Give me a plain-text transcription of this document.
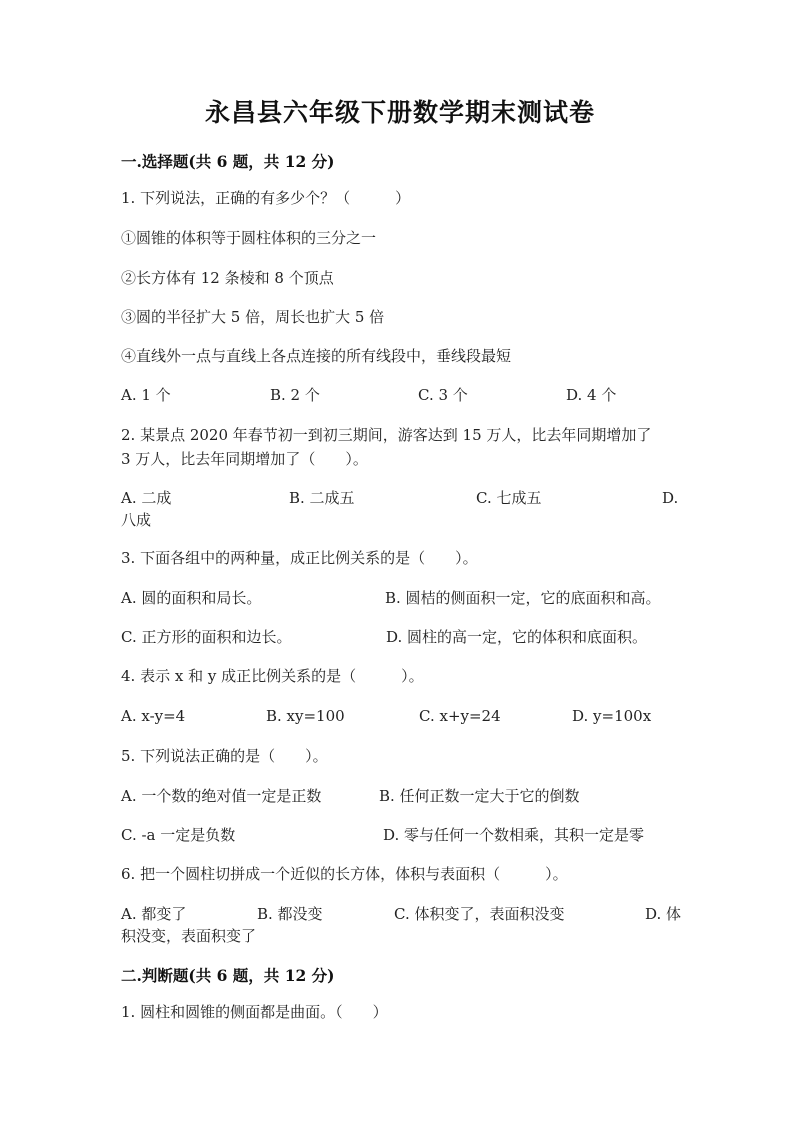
永昌县六年级下册数学期末测试卷
一.选择题(共 6 题，共 12 分)
1. 下列说法，正确的有多少个？（　　　）
①圆锥的体积等于圆柱体积的三分之一
②长方体有 12 条棱和 8 个顶点
③圆的半径扩大 5 倍，周长也扩大 5 倍
④直线外一点与直线上各点连接的所有线段中，垂线段最短
A. 1 个	B. 2 个	C. 3 个	D. 4 个
2. 某景点 2020 年春节初一到初三期间，游客达到 15 万人，比去年同期增加了
3 万人，比去年同期增加了（　　）。
A. 二成	B. 二成五	C. 七成五	D.
八成
3. 下面各组中的两种量，成正比例关系的是（　　）。
A. 圆的面积和局长。	B. 圆桔的侧面积一定，它的底面积和高。
C. 正方形的面积和边长。	D. 圆柱的高一定，它的体积和底面积。
4. 表示 x 和 y 成正比例关系的是（　　　）。
A. x-y=4	B. xy=100	C. x+y=24	D. y=100x
5. 下列说法正确的是（　　）。
A. 一个数的绝对值一定是正数	B. 任何正数一定大于它的倒数
C. -a 一定是负数	D. 零与任何一个数相乘，其积一定是零
6. 把一个圆柱切拼成一个近似的长方体，体积与表面积（　　　）。
A. 都变了	B. 都没变	C. 体积变了，表面积没变	D. 体
积没变，表面积变了
二.判断题(共 6 题，共 12 分)
1. 圆柱和圆锥的侧面都是曲面。（　　）
